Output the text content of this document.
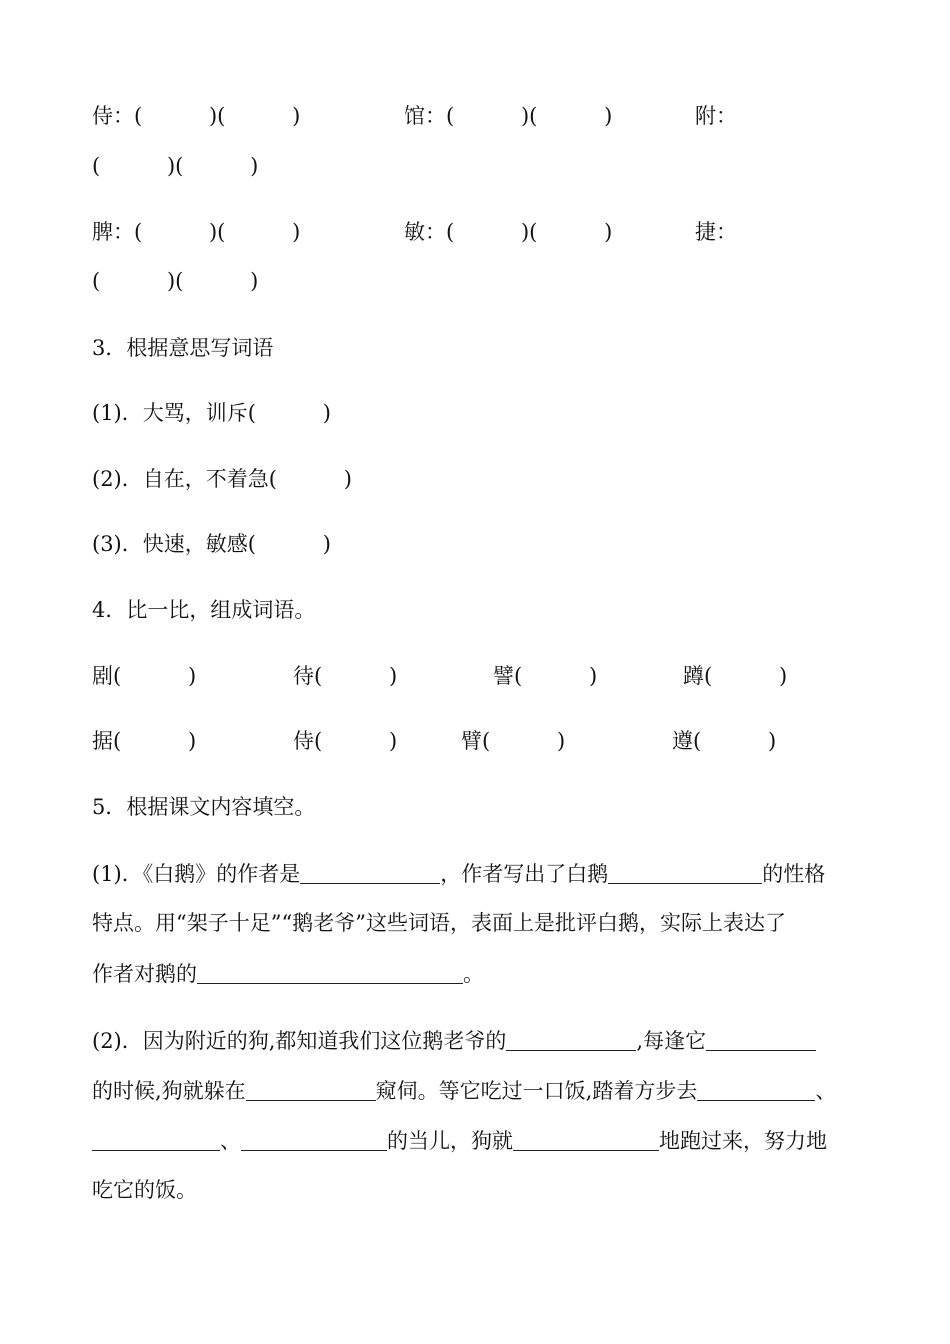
侍：(          )(          )	馆：(          )(          )	附：
(          )(          )
脾：(          )(          )	敏：(          )(          )	捷：
(          )(          )
3．根据意思写词语
(1)．大骂，训斥(          )
(2)．自在，不着急(          )
(3)．快速，敏感(          )
4．比一比，组成词语。
剧(          )	待(          )	譬(          )	蹲(          )
据(          )	侍(          )	臂(          )	遵(          )
5．根据课文内容填空。
(1)．《白鹅》的作者是	，作者写出了白鹅	的性格
特点。用“架子十足”“鹅老爷”这些词语，表面上是批评白鹅，实际上表达了
作者对鹅的	。
(2)．因为附近的狗,都知道我们这位鹅老爷的	,每逢它
的时候,狗就躲在	窥伺。等它吃过一口饭,踏着方步去	、
、	的当儿，狗就	地跑过来，努力地
吃它的饭。
